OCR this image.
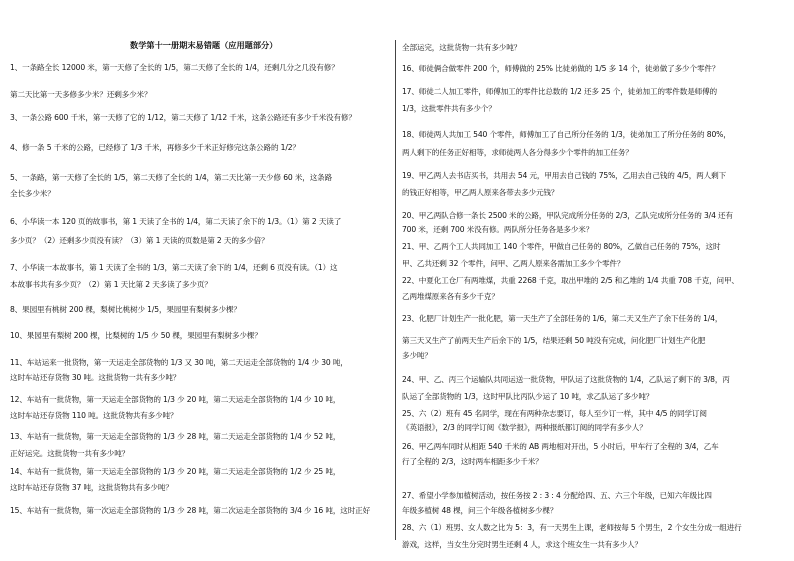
数学第十一册期末易错题（应用题部分）
1、一条路全长 12000 米，第一天修了全长的 1/5，第二天修了全长的 1/4，还剩几分之几没有修？
第二天比第一天多修多少米？还剩多少米？
3、一条公路 600 千米，第一天修了它的 1/12，第二天修了 1/12 千米，这条公路还有多少千米没有修？
4、修一条 5 千米的公路，已经修了 1/3 千米，再修多少千米正好修完这条公路的 1/2？
5、一条路，第一天修了全长的 1/5，第二天修了全长的 1/4，第二天比第一天少修 60 米，这条路
全长多少米？
6、小华读一本 120 页的故事书，第 1 天读了全书的 1/4，第二天读了余下的 1/3。（1）第 2 天读了
多少页？（2）还剩多少页没有读？（3）第 1 天读的页数是第 2 天的多少倍？
7、小华读一本故事书，第 1 天读了全书的 1/3，第二天读了余下的 1/4，还剩 6 页没有读。（1）这
本故事书共有多少页？（2）第 1 天比第 2 天多读了多少页？
8、果园里有桃树 200 棵，梨树比桃树少 1/5，果园里有梨树多少棵？
10、果园里有梨树 200 棵，比梨树的 1/5 少 50 棵，果园里有梨树多少棵？
11、车站运来一批货物，第一天运走全部货物的 1/3 又 30 吨，第二天运走全部货物的 1/4 少 30 吨，
这时车站还存货物 30 吨。这批货物一共有多少吨？
12、车站有一批货物，第一天运走全部货物的 1/3 少 20 吨，第二天运走全部货物的 1/4 少 10 吨，
这时车站还存货物 110 吨。这批货物共有多少吨？
13、车站有一批货物，第一天运走全部货物的 1/3 少 28 吨，第二天运走全部货物的 1/4 少 52 吨，
正好运完。这批货物一共有多少吨？
14、车站有一批货物，第一天运走全部货物的 1/3 少 20 吨，第二天运走全部货物的 1/2 少 25 吨，
这时车站还存货物 37 吨，这批货物共有多少吨？
15、车站有一批货物，第一次运走全部货物的 1/3 少 28 吨，第二次运走全部货物的 3/4 少 16 吨，这时正好
全部运完，这批货物一共有多少吨？
16、师徒俩合做零件 200 个，师傅做的 25% 比徒弟做的 1/5 多 14 个，徒弟做了多少个零件？
17、师徒二人加工零件，师傅加工的零件比总数的 1/2 还多 25 个，徒弟加工的零件数是师傅的
1/3，这批零件共有多少个？
18、师徒两人共加工 540 个零件，师傅加工了自己所分任务的 1/3，徒弟加工了所分任务的 80%，
两人剩下的任务正好相等，求师徒两人各分得多少个零件的加工任务？
19、甲乙两人去书店买书，共用去 54 元，甲用去自己钱的 75%，乙用去自己钱的 4/5，两人剩下
的钱正好相等，甲乙两人原来各带去多少元钱？
20、甲乙两队合修一条长 2500 米的公路，甲队完成所分任务的 2/3，乙队完成所分任务的 3/4 还有
700 米，还剩 700 米没有修。两队所分任务各是多少米？
21、甲、乙两个工人共同加工 140 个零件，甲做自己任务的 80%，乙做自己任务的 75%，这时
甲、乙共还剩 32 个零件，问甲、乙两人原来各需加工多少个零件？
22、中夏化工仓厂有两堆煤，共重 2268 千克，取出甲堆的 2/5 和乙堆的 1/4 共重 708 千克，问甲、
乙两堆煤原来各有多少千克？
23、化肥厂计划生产一批化肥，第一天生产了全部任务的 1/6，第二天又生产了余下任务的 1/4，
第三天又生产了前两天生产后余下的 1/5，结果还剩 50 吨没有完成，问化肥厂计划生产化肥
多少吨？
24、甲、乙、丙三个运输队共同运送一批货物，甲队运了这批货物的 1/4，乙队运了剩下的 3/8，丙
队运了全部货物的 1/3，这时甲队比丙队少运了 10 吨，求乙队运了多少吨？
25、六（2）班有 45 名同学，现在有两种杂志要订，每人至少订一样，其中 4/5 的同学订阅
《英语报》，2/3 的同学订阅《数学报》，两种报纸都订阅的同学有多少人？
26、甲乙两车同时从相距 540 千米的 AB 两地相对开出，5 小时后，甲车行了全程的 3/4，乙车
行了全程的 2/3，这时两车相距多少千米？
27、希望小学参加植树活动，按任务按 2 : 3 : 4 分配给四、五、六三个年级，已知六年级比四
年级多植树 48 棵，问三个年级各植树多少棵？
28、六（1）班男、女人数之比为 5：3，有一天男生上课，老师按每 5 个男生，2 个女生分成一组进行
游戏，这样，当女生分完时男生还剩 4 人，求这个班女生一共有多少人？
